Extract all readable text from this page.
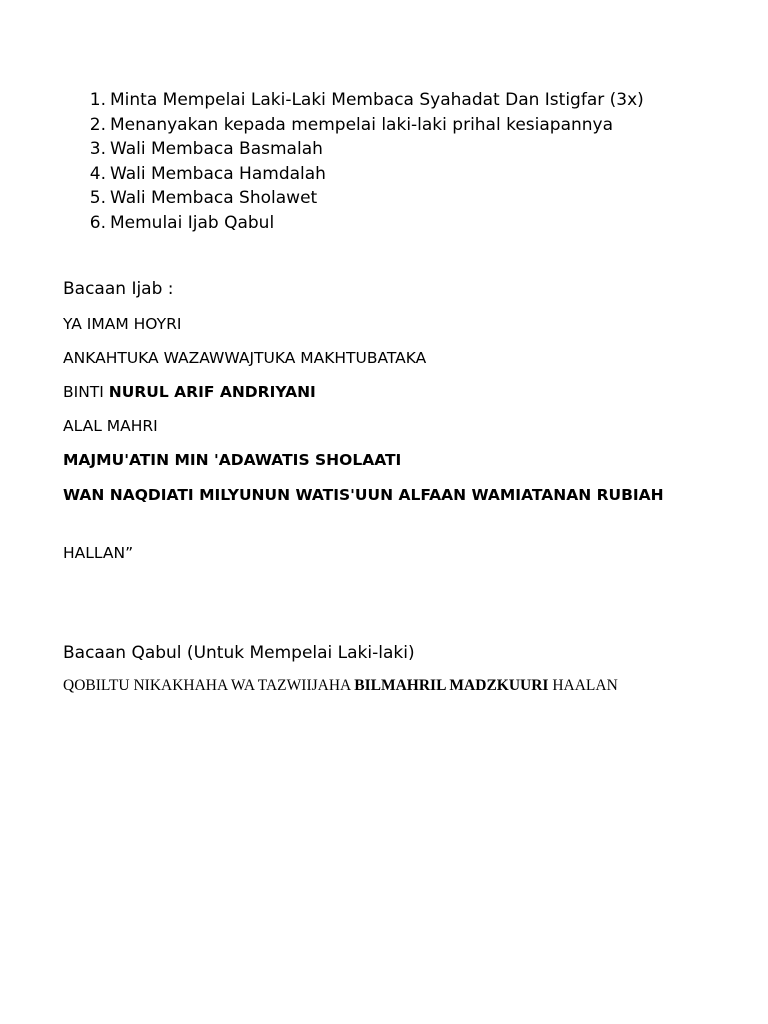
1. Minta Mempelai Laki-Laki Membaca Syahadat Dan Istigfar (3x)
2. Menanyakan kepada mempelai laki-laki prihal kesiapannya
3. Wali Membaca Basmalah
4. Wali Membaca Hamdalah
5. Wali Membaca Sholawet
6. Memulai Ijab Qabul
Bacaan Ijab :

YA IMAM HOYRI

ANKAHTUKA WAZAWWAJTUKA MAKHTUBATAKA

BINTI NURUL ARIF ANDRIYANI

ALAL MAHRI

MAJMU'ATIN MIN 'ADAWATIS SHOLAATI

WAN NAQDIATI MILYUNUN WATIS'UUN ALFAAN WAMIATANAN RUBIAH

HALLAN”

Bacaan Qabul (Untuk Mempelai Laki-laki)

QOBILTU NIKAKHAHA WA TAZWIIJAHA BILMAHRIL MADZKUURI HAALAN
